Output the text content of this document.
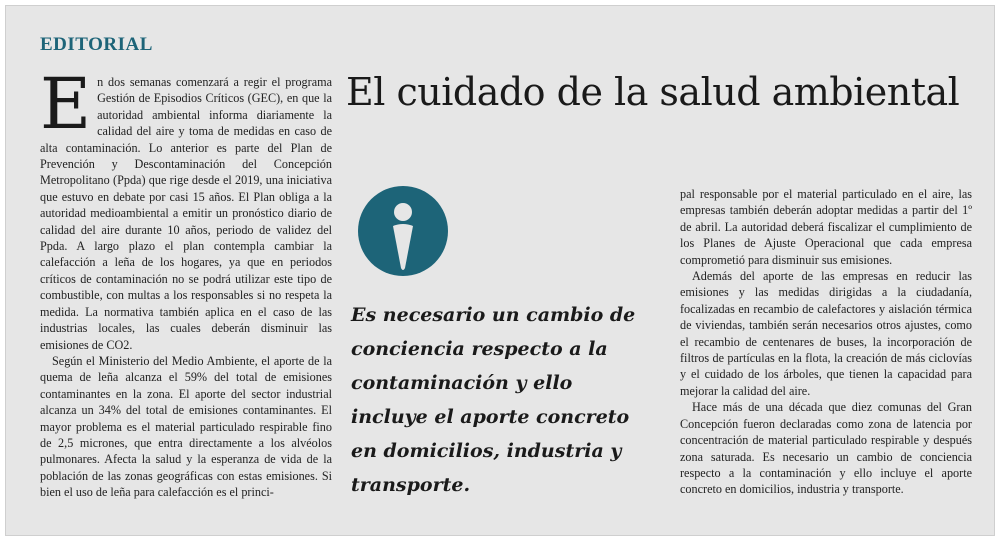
EDITORIAL
El cuidado de la salud ambiental

En dos semanas comenzará a regir el programa Gestión de Episodios Críticos (GEC), en que la autoridad ambiental informa diariamente la calidad del aire y toma de medidas en caso de alta contaminación. Lo anterior es parte del Plan de Prevención y Descontaminación del Concepción Metropolitano (Ppda) que rige desde el 2019, una iniciativa que estuvo en debate por casi 15 años. El Plan obliga a la autoridad medioambiental a emitir un pronóstico diario de calidad del aire durante 10 años, periodo de validez del Ppda. A largo plazo el plan contempla cambiar la calefacción a leña de los hogares, ya que en periodos críticos de contaminación no se podrá utilizar este tipo de combustible, con multas a los responsables si no respeta la medida. La normativa también aplica en el caso de las industrias locales, las cuales deberán disminuir las emisiones de CO2.

Según el Ministerio del Medio Ambiente, el aporte de la quema de leña alcanza el 59% del total de emisiones contaminantes en la zona. El aporte del sector industrial alcanza un 34% del total de emisiones contaminantes. El mayor problema es el material particulado respirable fino de 2,5 micrones, que entra directamente a los alvéolos pulmonares. Afecta la salud y la esperanza de vida de la población de las zonas geográficas con estas emisiones. Si bien el uso de leña para calefacción es el princi-

Es necesario un cambio de conciencia respecto a la contaminación y ello incluye el aporte concreto en domicilios, industria y transporte.

pal responsable por el material particulado en el aire, las empresas también deberán adoptar medidas a partir del 1º de abril. La autoridad deberá fiscalizar el cumplimiento de los Planes de Ajuste Operacional que cada empresa comprometió para disminuir sus emisiones.

Además del aporte de las empresas en reducir las emisiones y las medidas dirigidas a la ciudadanía, focalizadas en recambio de calefactores y aislación térmica de viviendas, también serán necesarios otros ajustes, como el recambio de centenares de buses, la incorporación de filtros de partículas en la flota, la creación de más ciclovías y el cuidado de los árboles, que tienen la capacidad para mejorar la calidad del aire.

Hace más de una década que diez comunas del Gran Concepción fueron declaradas como zona de latencia por concentración de material particulado respirable y después zona saturada. Es necesario un cambio de conciencia respecto a la contaminación y ello incluye el aporte concreto en domicilios, industria y transporte.
